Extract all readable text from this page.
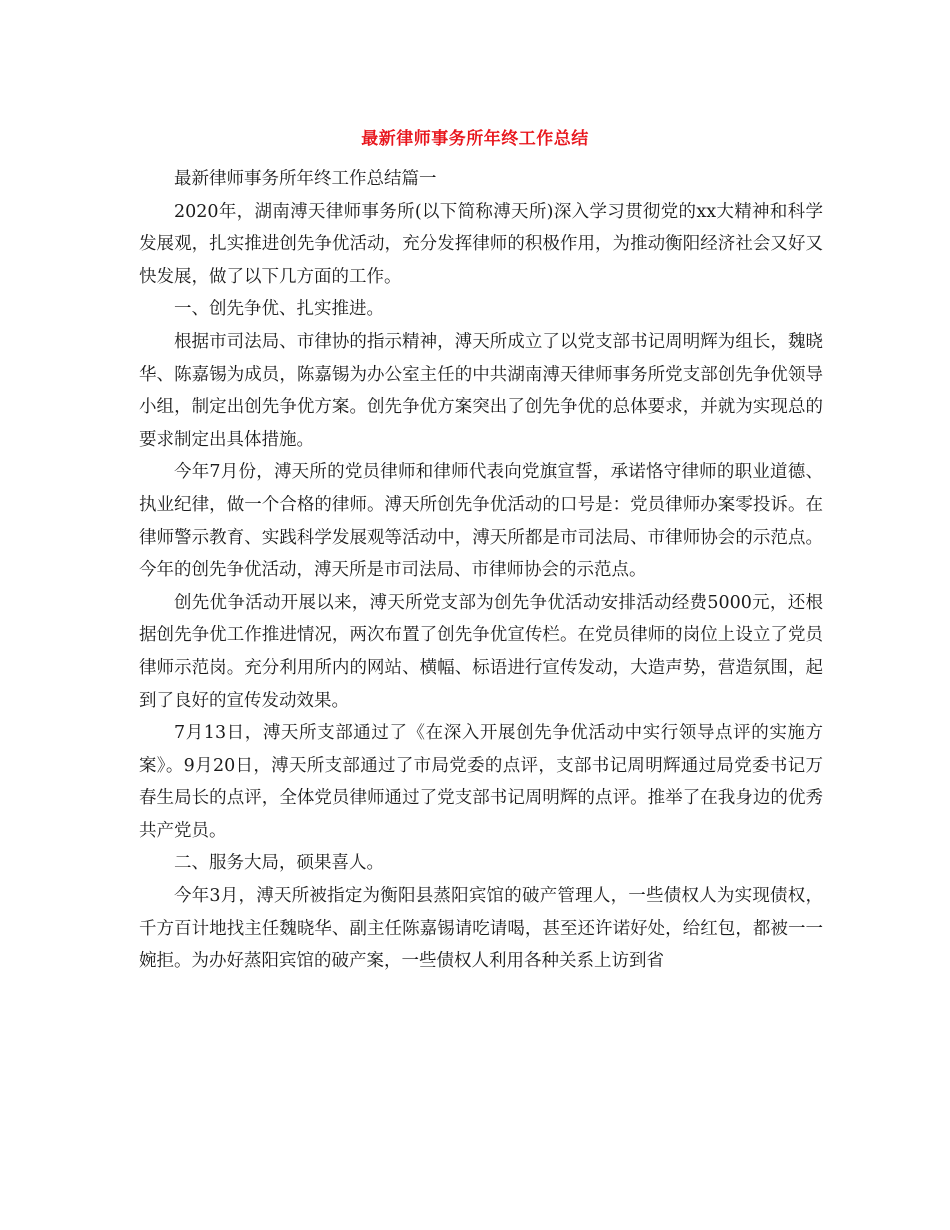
最新律师事务所年终工作总结

最新律师事务所年终工作总结篇一

2020年，湖南溥天律师事务所(以下简称溥天所)深入学习贯彻党的xx大精神和科学发展观，扎实推进创先争优活动，充分发挥律师的积极作用，为推动衡阳经济社会又好又快发展，做了以下几方面的工作。

一、创先争优、扎实推进。

根据市司法局、市律协的指示精神，溥天所成立了以党支部书记周明辉为组长，魏晓华、陈嘉锡为成员，陈嘉锡为办公室主任的中共湖南溥天律师事务所党支部创先争优领导小组，制定出创先争优方案。创先争优方案突出了创先争优的总体要求，并就为实现总的要求制定出具体措施。

今年7月份，溥天所的党员律师和律师代表向党旗宣誓，承诺恪守律师的职业道德、执业纪律，做一个合格的律师。溥天所创先争优活动的口号是：党员律师办案零投诉。在律师警示教育、实践科学发展观等活动中，溥天所都是市司法局、市律师协会的示范点。今年的创先争优活动，溥天所是市司法局、市律师协会的示范点。

创先优争活动开展以来，溥天所党支部为创先争优活动安排活动经费5000元，还根据创先争优工作推进情况，两次布置了创先争优宣传栏。在党员律师的岗位上设立了党员律师示范岗。充分利用所内的网站、横幅、标语进行宣传发动，大造声势，营造氛围，起到了良好的宣传发动效果。

7月13日，溥天所支部通过了《在深入开展创先争优活动中实行领导点评的实施方案》。9月20日，溥天所支部通过了市局党委的点评，支部书记周明辉通过局党委书记万春生局长的点评，全体党员律师通过了党支部书记周明辉的点评。推举了在我身边的优秀共产党员。

二、服务大局，硕果喜人。

今年3月，溥天所被指定为衡阳县蒸阳宾馆的破产管理人，一些债权人为实现债权，千方百计地找主任魏晓华、副主任陈嘉锡请吃请喝，甚至还许诺好处，给红包，都被一一婉拒。为办好蒸阳宾馆的破产案，一些债权人利用各种关系上访到省
